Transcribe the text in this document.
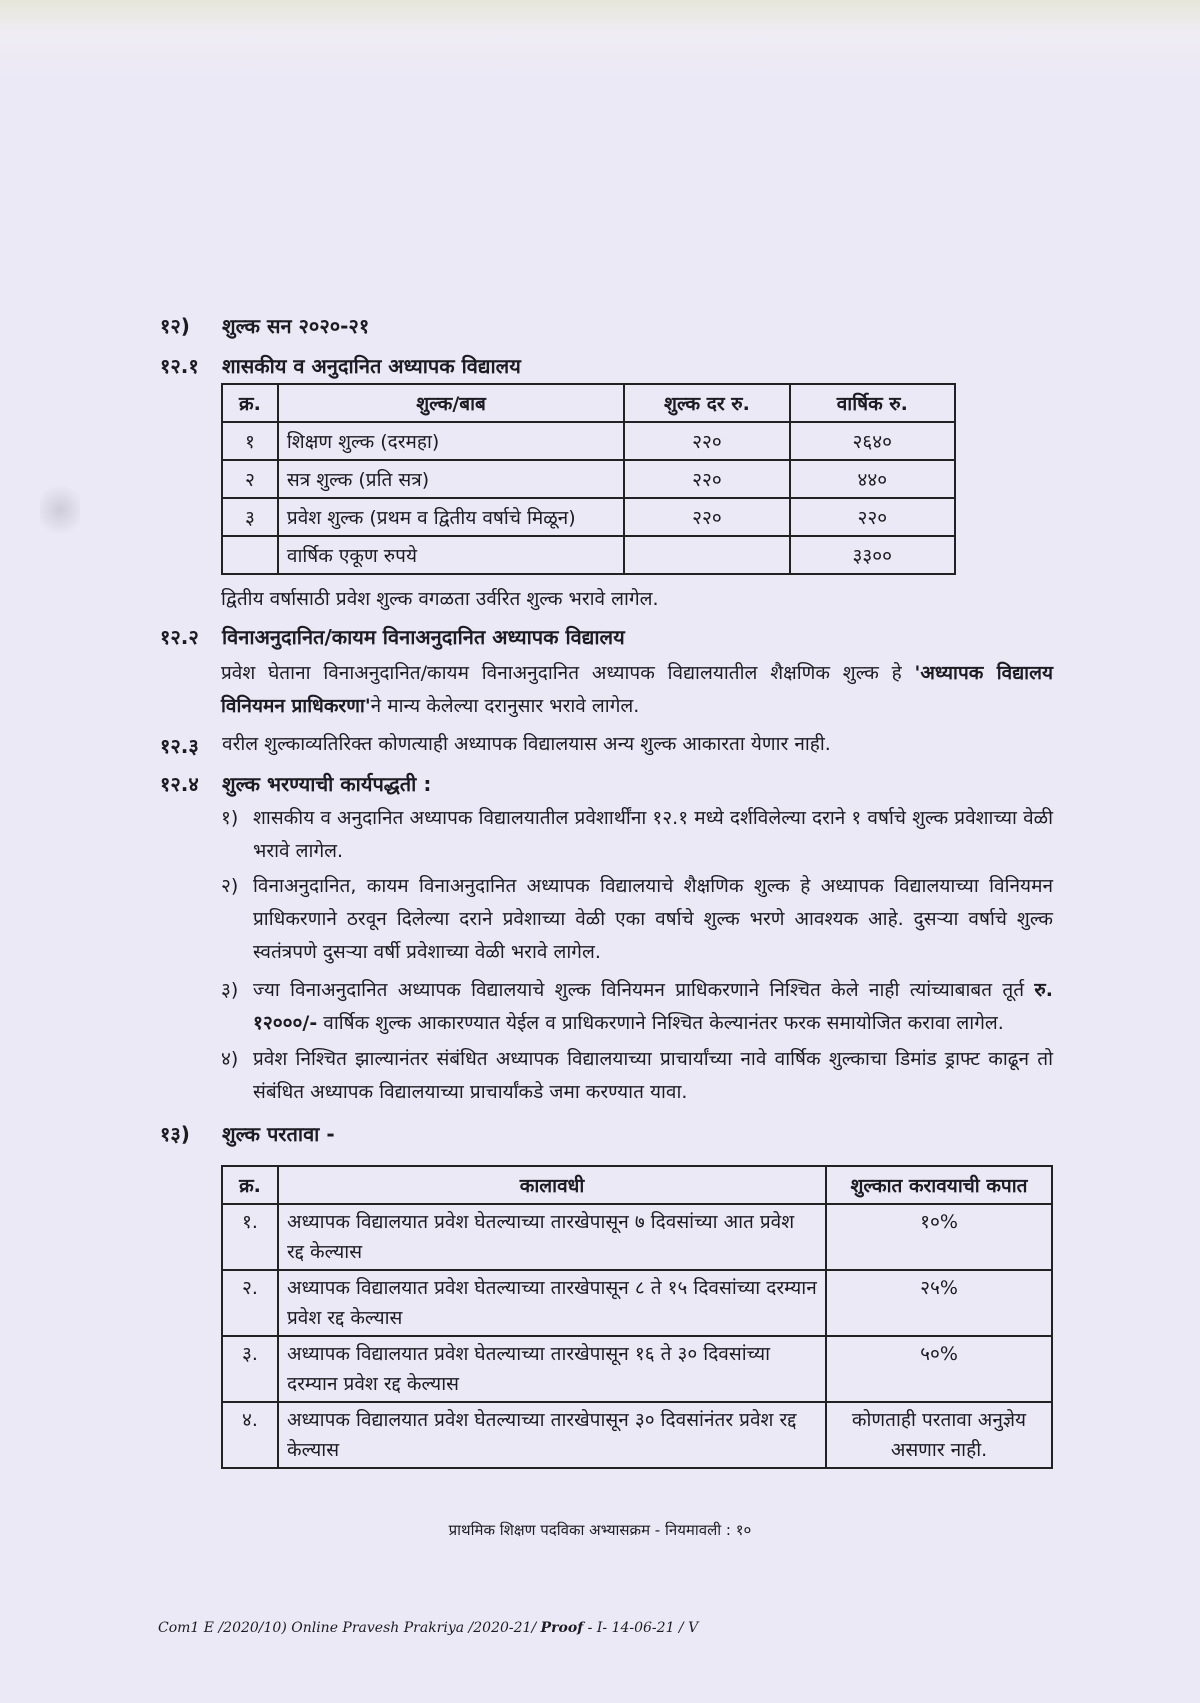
१२) शुल्क सन २०२०-२१
१२.१ शासकीय व अनुदानित अध्यापक विद्यालय
क्र.	शुल्क/बाब	शुल्क दर रु.	वार्षिक रु.
१	शिक्षण शुल्क (दरमहा)	२२०	२६४०
२	सत्र शुल्क (प्रति सत्र)	२२०	४४०
३	प्रवेश शुल्क (प्रथम व द्वितीय वर्षाचे मिळून)	२२०	२२०
	वार्षिक एकूण रुपये		३३००
द्वितीय वर्षासाठी प्रवेश शुल्क वगळता उर्वरित शुल्क भरावे लागेल.
१२.२ विनाअनुदानित/कायम विनाअनुदानित अध्यापक विद्यालय
प्रवेश घेताना विनाअनुदानित/कायम विनाअनुदानित अध्यापक विद्यालयातील शैक्षणिक शुल्क हे 'अध्यापक विद्यालय विनियमन प्राधिकरणा'ने मान्य केलेल्या दरानुसार भरावे लागेल.
१२.३ वरील शुल्काव्यतिरिक्त कोणत्याही अध्यापक विद्यालयास अन्य शुल्क आकारता येणार नाही.
१२.४ शुल्क भरण्याची कार्यपद्धती :
१) शासकीय व अनुदानित अध्यापक विद्यालयातील प्रवेशार्थींना १२.१ मध्ये दर्शविलेल्या दराने १ वर्षाचे शुल्क प्रवेशाच्या वेळी भरावे लागेल.
२) विनाअनुदानित, कायम विनाअनुदानित अध्यापक विद्यालयाचे शैक्षणिक शुल्क हे अध्यापक विद्यालयाच्या विनियमन प्राधिकरणाने ठरवून दिलेल्या दराने प्रवेशाच्या वेळी एका वर्षाचे शुल्क भरणे आवश्यक आहे. दुसऱ्या वर्षाचे शुल्क स्वतंत्रपणे दुसऱ्या वर्षी प्रवेशाच्या वेळी भरावे लागेल.
३) ज्या विनाअनुदानित अध्यापक विद्यालयाचे शुल्क विनियमन प्राधिकरणाने निश्चित केले नाही त्यांच्याबाबत तूर्त रु. १२०००/- वार्षिक शुल्क आकारण्यात येईल व प्राधिकरणाने निश्चित केल्यानंतर फरक समायोजित करावा लागेल.
४) प्रवेश निश्चित झाल्यानंतर संबंधित अध्यापक विद्यालयाच्या प्राचार्यांच्या नावे वार्षिक शुल्काचा डिमांड ड्राफ्ट काढून तो संबंधित अध्यापक विद्यालयाच्या प्राचार्यांकडे जमा करण्यात यावा.
१३) शुल्क परतावा -
क्र.	कालावधी	शुल्कात करावयाची कपात
१.	अध्यापक विद्यालयात प्रवेश घेतल्याच्या तारखेपासून ७ दिवसांच्या आत प्रवेश रद्द केल्यास	१०%
२.	अध्यापक विद्यालयात प्रवेश घेतल्याच्या तारखेपासून ८ ते १५ दिवसांच्या दरम्यान प्रवेश रद्द केल्यास	२५%
३.	अध्यापक विद्यालयात प्रवेश घेतल्याच्या तारखेपासून १६ ते ३० दिवसांच्या दरम्यान प्रवेश रद्द केल्यास	५०%
४.	अध्यापक विद्यालयात प्रवेश घेतल्याच्या तारखेपासून ३० दिवसांनंतर प्रवेश रद्द केल्यास	कोणताही परतावा अनुज्ञेय असणार नाही.
प्राथमिक शिक्षण पदविका अभ्यासक्रम - नियमावली : १०
Com1 E /2020/10) Online Pravesh Prakriya /2020-21/ Proof - I- 14-06-21 / V
